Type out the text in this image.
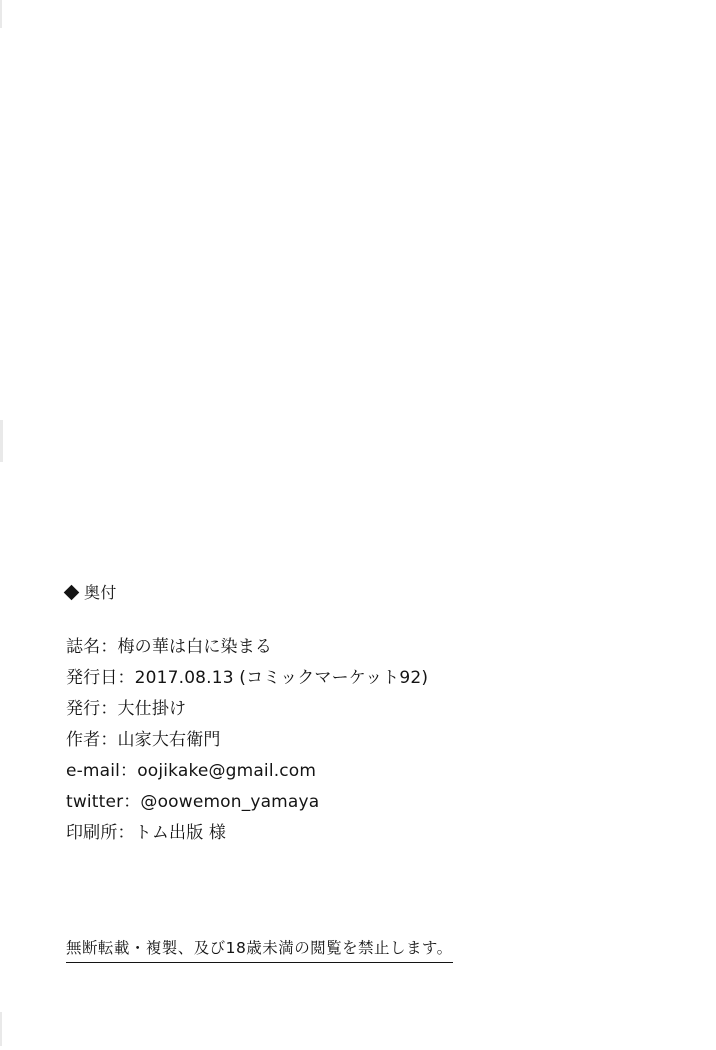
奥付
誌名：梅の華は白に染まる
発行日：2017.08.13 (コミックマーケット92)
発行：大仕掛け
作者：山家大右衛門
e-mail：oojikake@gmail.com
twitter：@oowemon_yamaya
印刷所：トム出版 様
無断転載・複製、及び18歳未満の閲覧を禁止します。
